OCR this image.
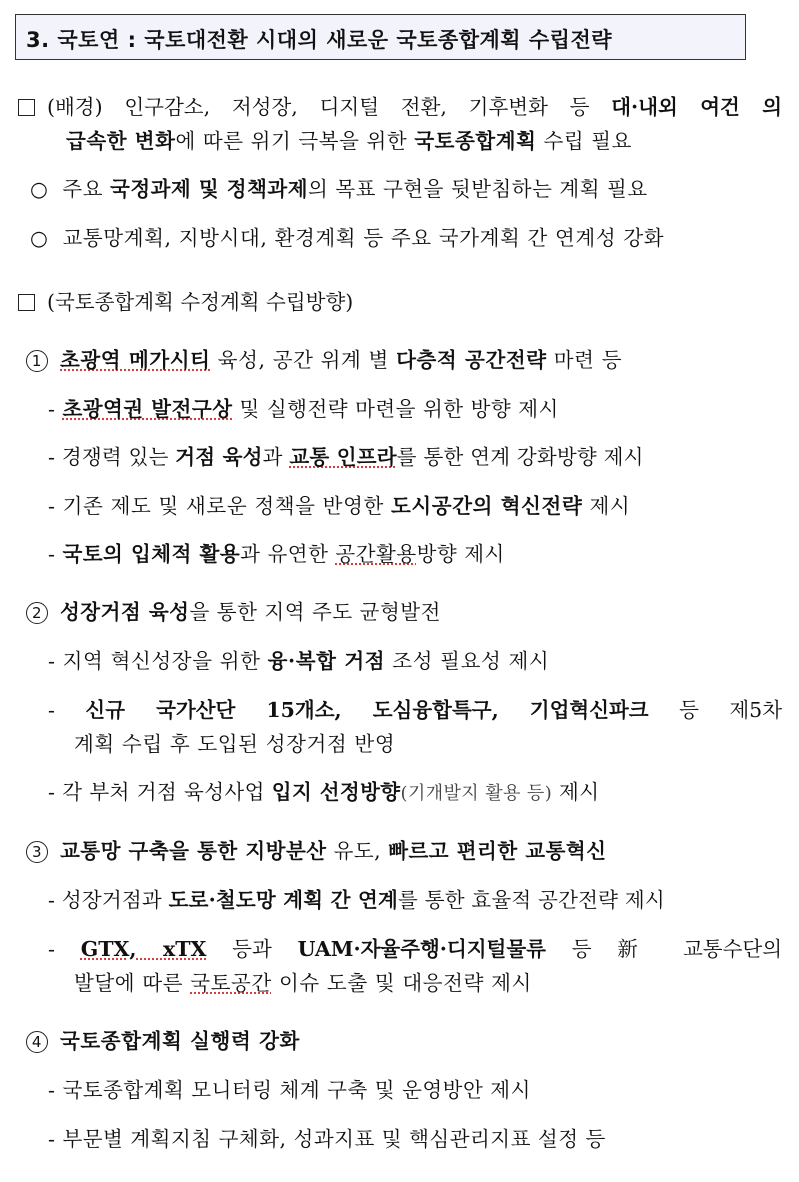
3. 국토연 : 국토대전환 시대의 새로운 국토종합계획 수립전략
(배경) 인구감소, 저성장, 디지털 전환, 기후변화 등 대·내외 여건 의
급속한 변화에 따른 위기 극복을 위한 국토종합계획 수립 필요
○ 주요 국정과제 및 정책과제의 목표 구현을 뒷받침하는 계획 필요
○ 교통망계획, 지방시대, 환경계획 등 주요 국가계획 간 연계성 강화
(국토종합계획 수정계획 수립방향)
1 초광역 메가시티 육성, 공간 위계 별 다층적 공간전략 마련 등
- 초광역권 발전구상 및 실행전략 마련을 위한 방향 제시
- 경쟁력 있는 거점 육성과 교통 인프라를 통한 연계 강화방향 제시
- 기존 제도 및 새로운 정책을 반영한 도시공간의 혁신전략 제시
- 국토의 입체적 활용과 유연한 공간활용방향 제시
2 성장거점 육성을 통한 지역 주도 균형발전
- 지역 혁신성장을 위한 융·복합 거점 조성 필요성 제시
- 신규 국가산단 15개소, 도심융합특구, 기업혁신파크 등 제5차
계획 수립 후 도입된 성장거점 반영
- 각 부처 거점 육성사업 입지 선정방향(기개발지 활용 등) 제시
3 교통망 구축을 통한 지방분산 유도, 빠르고 편리한 교통혁신
- 성장거점과 도로·철도망 계획 간 연계를 통한 효율적 공간전략 제시
- GTX, xTX 등과 UAM·자율주행·디지털물류 등 新 교통수단의
발달에 따른 국토공간 이슈 도출 및 대응전략 제시
4 국토종합계획 실행력 강화
- 국토종합계획 모니터링 체계 구축 및 운영방안 제시
- 부문별 계획지침 구체화, 성과지표 및 핵심관리지표 설정 등
